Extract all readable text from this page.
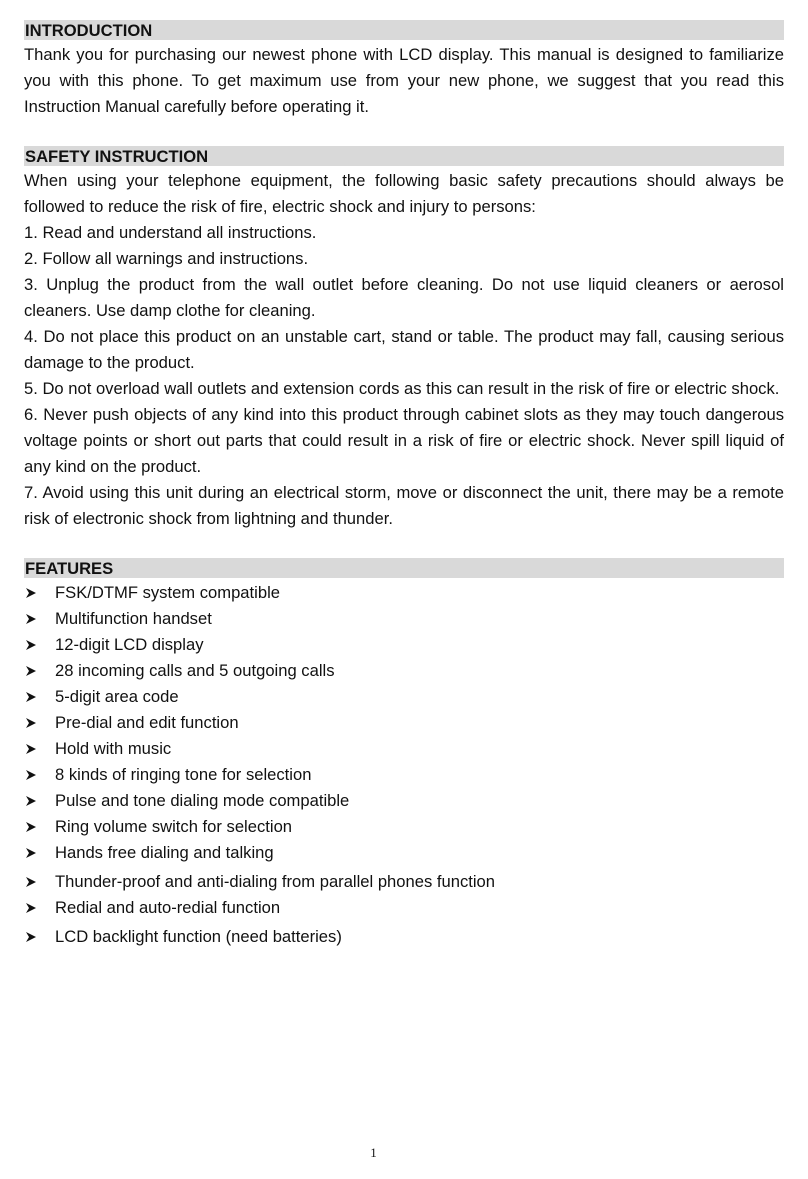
INTRODUCTION

Thank you for purchasing our newest phone with LCD display. This manual is designed to familiarize you with this phone. To get maximum use from your new phone, we suggest that you read this Instruction Manual carefully before operating it.

SAFETY INSTRUCTION

When using your telephone equipment, the following basic safety precautions should always be followed to reduce the risk of fire, electric shock and injury to persons:

1. Read and understand all instructions.
2. Follow all warnings and instructions.
3. Unplug the product from the wall outlet before cleaning. Do not use liquid cleaners or aerosol cleaners. Use damp clothe for cleaning.
4. Do not place this product on an unstable cart, stand or table. The product may fall, causing serious damage to the product.
5. Do not overload wall outlets and extension cords as this can result in the risk of fire or electric shock.
6. Never push objects of any kind into this product through cabinet slots as they may touch dangerous voltage points or short out parts that could result in a risk of fire or electric shock. Never spill liquid of any kind on the product.
7. Avoid using this unit during an electrical storm, move or disconnect the unit, there may be a remote risk of electronic shock from lightning and thunder.
FEATURES
FSK/DTMF system compatible
Multifunction handset
12-digit LCD display
28 incoming calls and 5 outgoing calls
5-digit area code
Pre-dial and edit function
Hold with music
8 kinds of ringing tone for selection
Pulse and tone dialing mode compatible
Ring volume switch for selection
Hands free dialing and talking
Thunder-proof and anti-dialing from parallel phones function
Redial and auto-redial function
LCD backlight function (need batteries)
1
